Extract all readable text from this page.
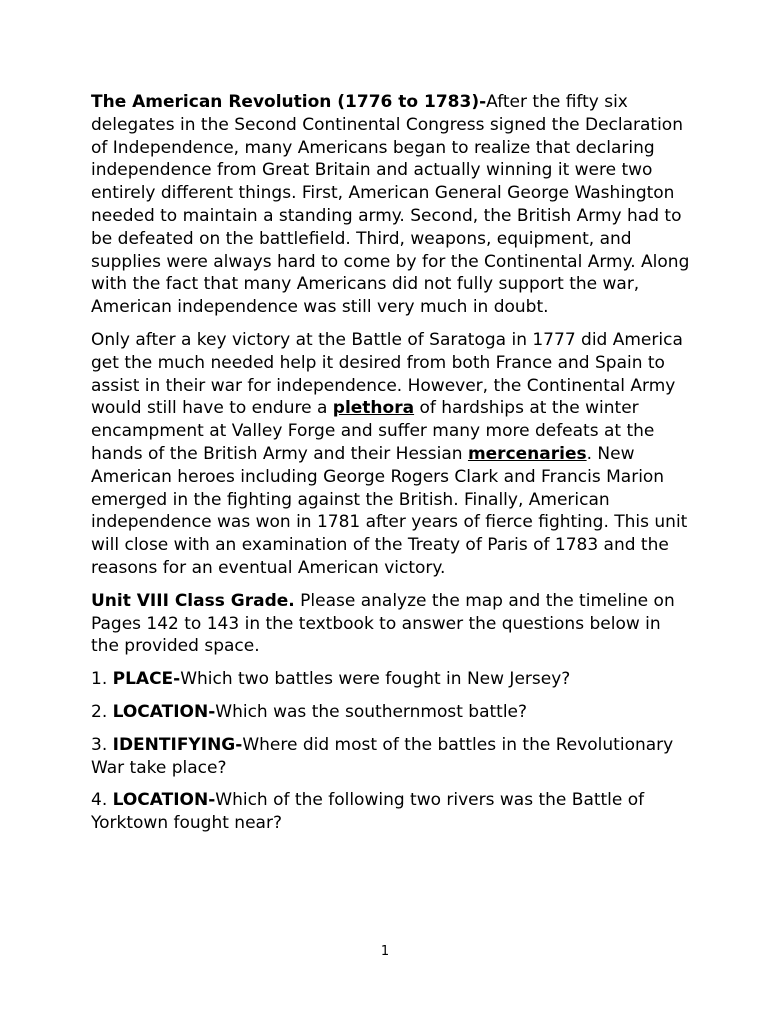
The American Revolution (1776 to 1783)-After the fifty six delegates in the Second Continental Congress signed the Declaration of Independence, many Americans began to realize that declaring independence from Great Britain and actually winning it were two entirely different things. First, American General George Washington needed to maintain a standing army. Second, the British Army had to be defeated on the battlefield. Third, weapons, equipment, and supplies were always hard to come by for the Continental Army. Along with the fact that many Americans did not fully support the war, American independence was still very much in doubt.

Only after a key victory at the Battle of Saratoga in 1777 did America get the much needed help it desired from both France and Spain to assist in their war for independence. However, the Continental Army would still have to endure a plethora of hardships at the winter encampment at Valley Forge and suffer many more defeats at the hands of the British Army and their Hessian mercenaries. New American heroes including George Rogers Clark and Francis Marion emerged in the fighting against the British. Finally, American independence was won in 1781 after years of fierce fighting. This unit will close with an examination of the Treaty of Paris of 1783 and the reasons for an eventual American victory.

Unit VIII Class Grade. Please analyze the map and the timeline on Pages 142 to 143 in the textbook to answer the questions below in the provided space.

1. PLACE-Which two battles were fought in New Jersey?

2. LOCATION-Which was the southernmost battle?

3. IDENTIFYING-Where did most of the battles in the Revolutionary War take place?

4. LOCATION-Which of the following two rivers was the Battle of Yorktown fought near?

1
